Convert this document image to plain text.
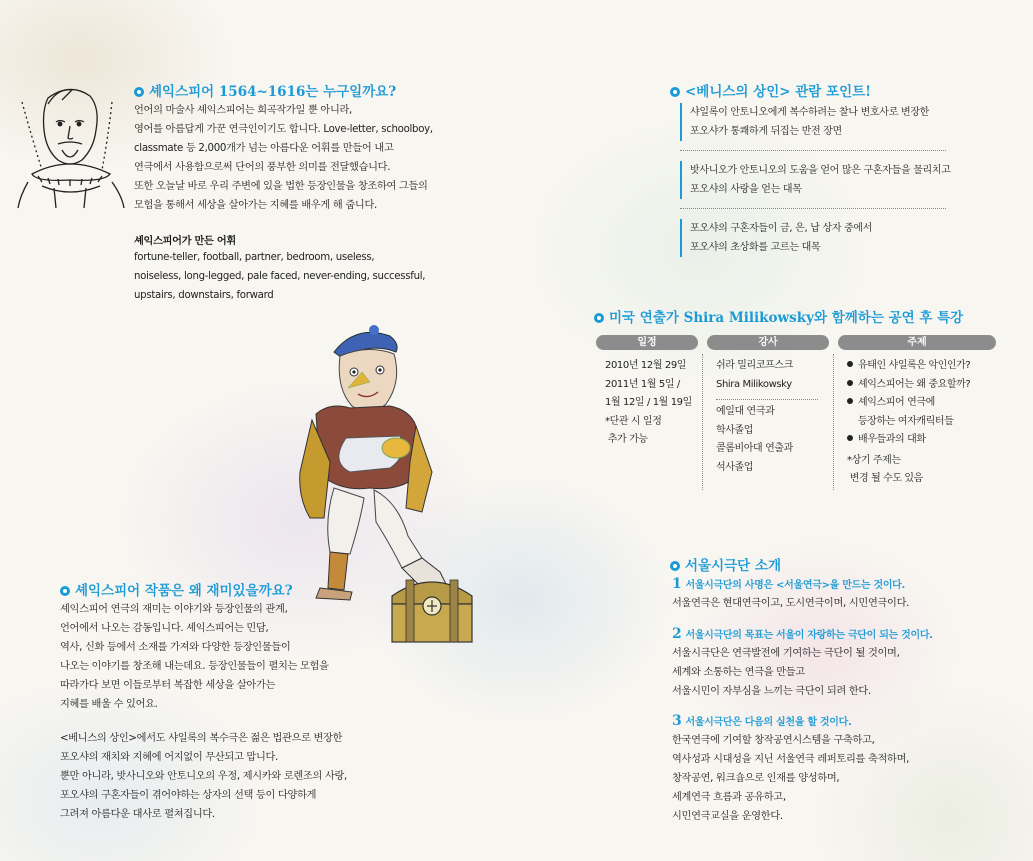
셰익스피어 1564~1616는 누구일까요?
언어의 마술사 셰익스피어는 희곡작가일 뿐 아니라,
영어를 아름답게 가꾼 연극인이기도 합니다. Love-letter, schoolboy,
classmate 등 2,000개가 넘는 아름다운 어휘를 만들어 내고
연극에서 사용함으로써 단어의 풍부한 의미를 전달했습니다.
또한 오늘날 바로 우리 주변에 있을 법한 등장인물을 창조하여 그들의
모험을 통해서 세상을 살아가는 지혜를 배우게 해 줍니다.
셰익스피어가 만든 어휘
fortune-teller, football, partner, bedroom, useless,
noiseless, long-legged, pale faced, never-ending, successful,
upstairs, downstairs, forward
셰익스피어 작품은 왜 재미있을까요?
셰익스피어 연극의 재미는 이야기와 등장인물의 관계,
언어에서 나오는 감동입니다. 셰익스피어는 민담,
역사, 신화 등에서 소재를 가져와 다양한 등장인물들이
나오는 이야기를 창조해 내는데요. 등장인물들이 펼치는 모험을
따라가다 보면 이들로부터 복잡한 세상을 살아가는
지혜를 배울 수 있어요.
<베니스의 상인>에서도 샤일록의 복수극은 젊은 법관으로 변장한
포오샤의 재치와 지혜에 어지없이 무산되고 맙니다.
뿐만 아니라, 밧사니오와 안토니오의 우정, 제시카와 로렌조의 사랑,
포오샤의 구혼자들이 겪어야하는 상자의 선택 등이 다양하게
그려져 아름다운 대사로 펼쳐집니다.
<베니스의 상인> 관람 포인트!
샤일록이 안토니오에게 복수하려는 찰나 변호사로 변장한
포오샤가 통쾌하게 뒤집는 반전 장면
밧사니오가 안토니오의 도움을 얻어 많은 구혼자들을 물리치고
포오샤의 사랑을 얻는 대목
포오샤의 구혼자들이 금, 은, 납 상자 중에서
포오샤의 초상화를 고르는 대목
미국 연출가 Shira Milikowsky와 함께하는 공연 후 특강
일정	강사	주제
2010년 12월 29일
2011년 1월 5일 /
1월 12일 / 1월 19일
*단관 시 일정
추가 가능
쉬라 밀리코프스크
Shira Milikowsky
예일대 연극과
학사졸업
콜롬비아대 연출과
석사졸업
유태인 샤일록은 악인인가?
셰익스피어는 왜 중요할까?
셰익스피어 연극에
등장하는 여자캐릭터들
배우들과의 대화
*상기 주제는
변경 될 수도 있음
서울시극단 소개
1 서울시극단의 사명은 <서울연극>을 만드는 것이다.
서울연극은 현대연극이고, 도시연극이며, 시민연극이다.
2 서울시극단의 목표는 서울이 자랑하는 극단이 되는 것이다.
서울시극단은 연극발전에 기여하는 극단이 될 것이며,
세계와 소통하는 연극을 만들고
서울시민이 자부심을 느끼는 극단이 되려 한다.
3 서울시극단은 다음의 실천을 할 것이다.
한국연극에 기여할 창작공연시스템을 구축하고,
역사성과 시대성을 지닌 서울연극 레퍼토리를 축적하며,
창작공연, 워크숍으로 인재를 양성하며,
세계연극 흐름과 공유하고,
시민연극교실을 운영한다.
